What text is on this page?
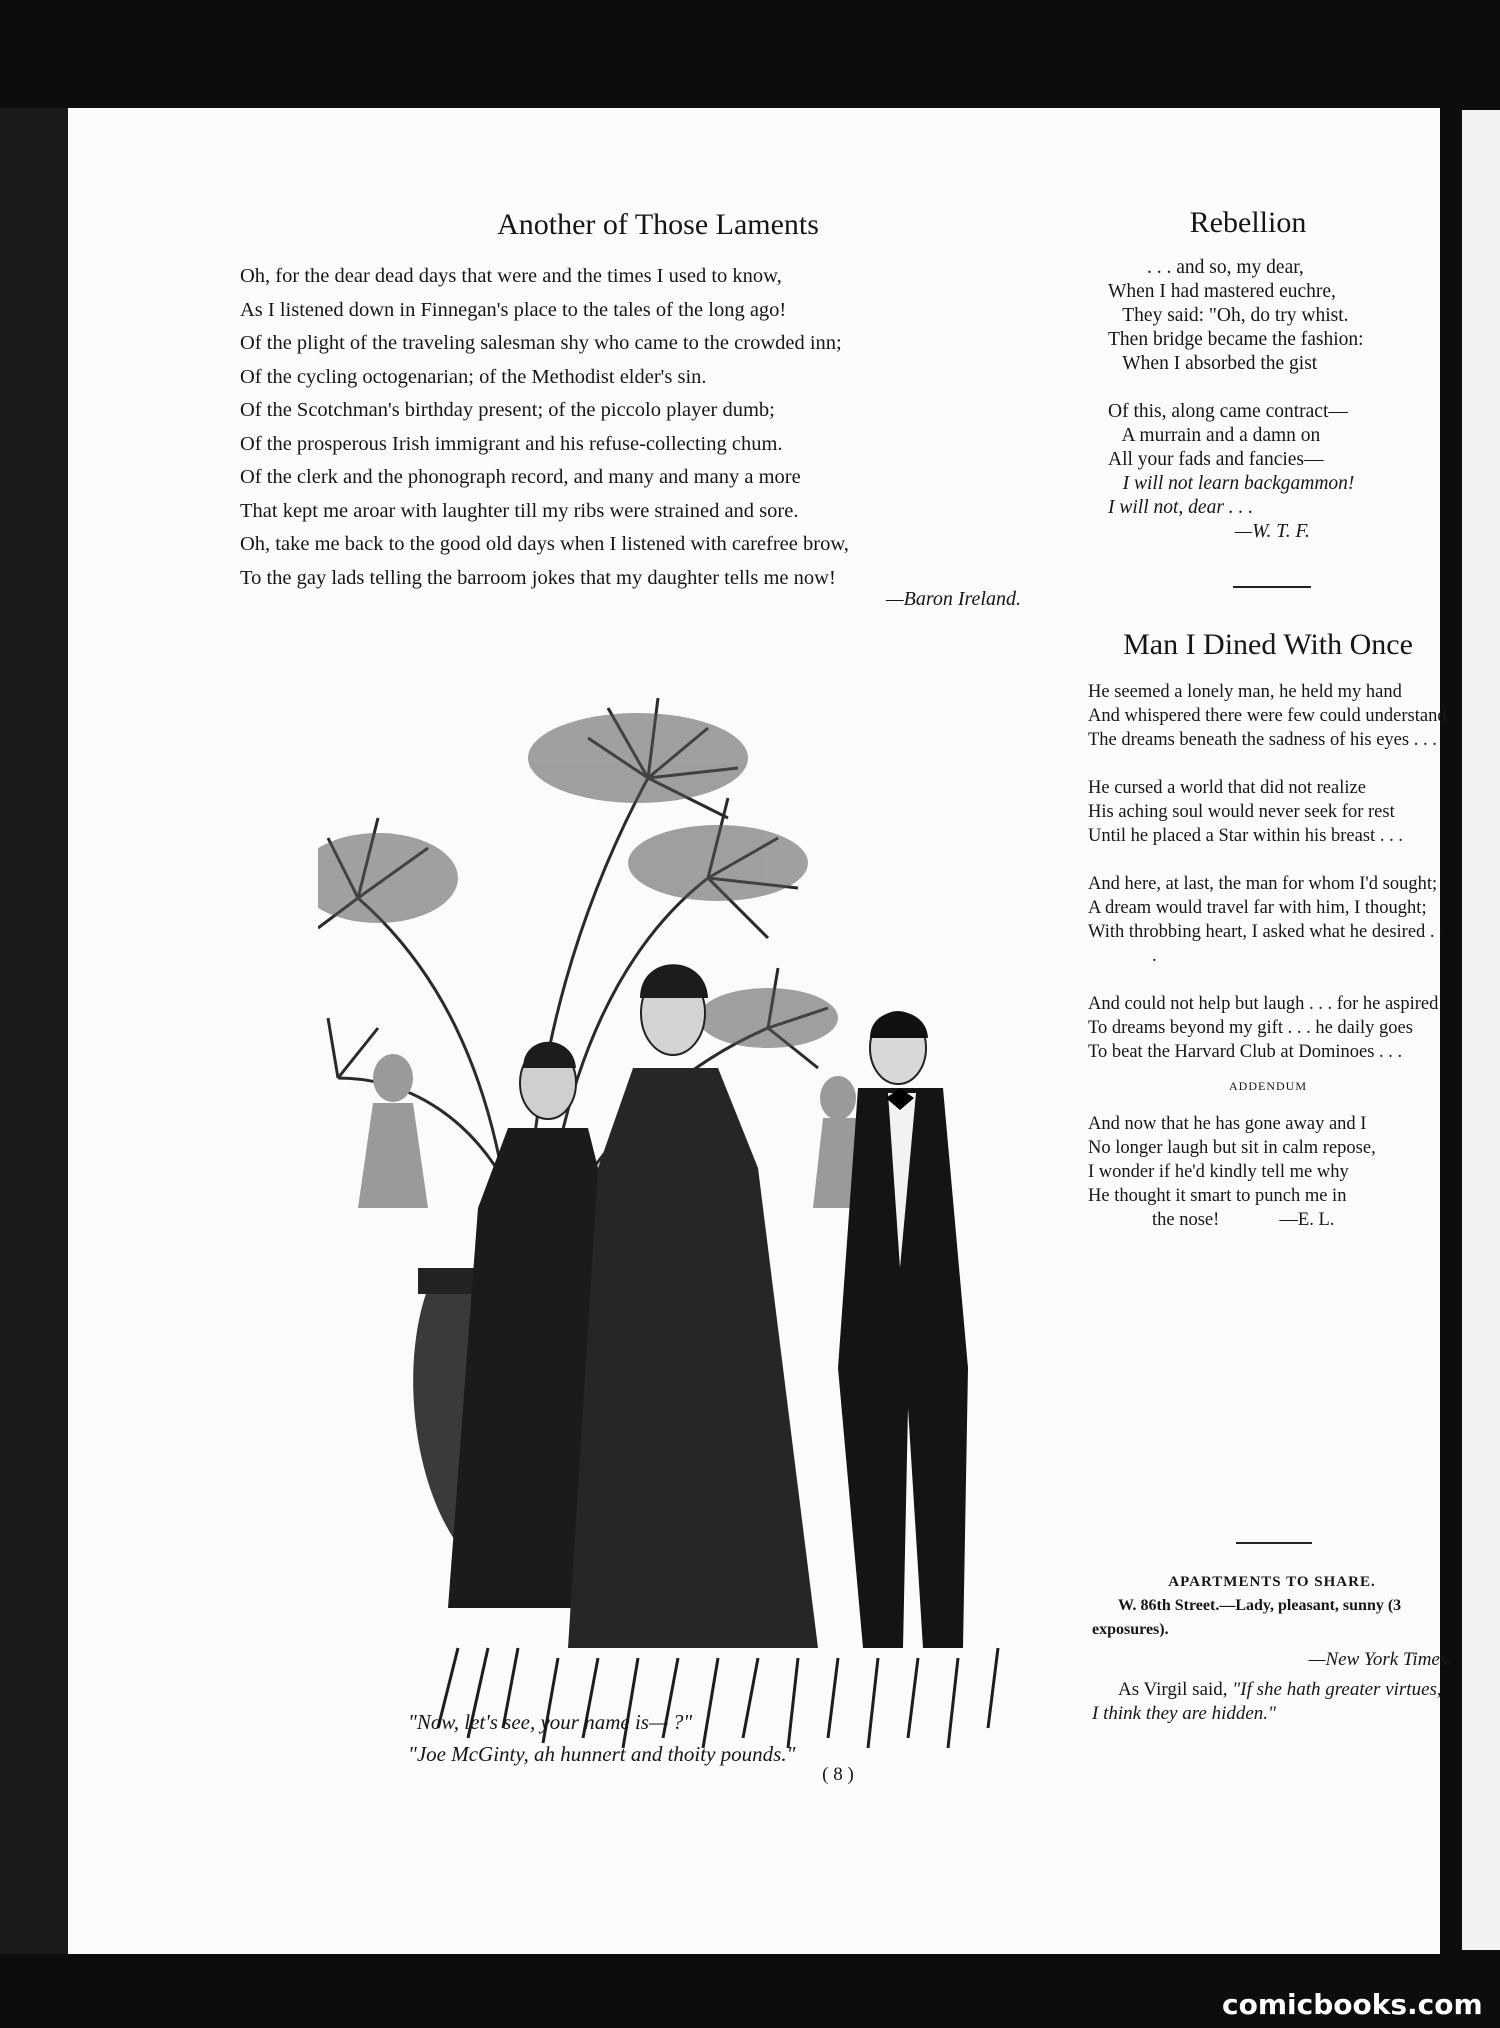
Another of Those Laments
Oh, for the dear dead days that were and the times I used to know,
As I listened down in Finnegan's place to the tales of the long ago!
Of the plight of the traveling salesman shy who came to the crowded inn;
Of the cycling octogenarian; of the Methodist elder's sin.
Of the Scotchman's birthday present; of the piccolo player dumb;
Of the prosperous Irish immigrant and his refuse-collecting chum.
Of the clerk and the phonograph record, and many and many a more
That kept me aroar with laughter till my ribs were strained and sore.
Oh, take me back to the good old days when I listened with carefree brow,
To the gay lads telling the barroom jokes that my daughter tells me now!
—Baron Ireland.
"Now, let's see, your name is— ?"
"Joe McGinty, ah hunnert and thoity pounds."
( 8 )
Rebellion
. . . and so, my dear,
When I had mastered euchre,
They said: "Oh, do try whist.
Then bridge became the fashion:
When I absorbed the gist

Of this, along came contract—
A murrain and a damn on
All your fads and fancies—
I will not learn backgammon!
I will not, dear . . .
—W. T. F.
Man I Dined With Once
He seemed a lonely man, he held my hand
And whispered there were few could understand
The dreams beneath the sadness of his eyes . . .
He cursed a world that did not realize
His aching soul would never seek for rest
Until he placed a Star within his breast . . .
And here, at last, the man for whom I'd sought;
A dream would travel far with him, I thought;
With throbbing heart, I asked what he desired . . .
And could not help but laugh . . . for he aspired
To dreams beyond my gift . . . he daily goes
To beat the Harvard Club at Dominoes . . .
ADDENDUM
And now that he has gone away and I
No longer laugh but sit in calm repose,
I wonder if he'd kindly tell me why
He thought it smart to punch me in
the nose!             —E. L.
APARTMENTS TO SHARE.
W. 86th Street.—Lady, pleasant, sunny (3 exposures).
—New York Times.
As Virgil said, "If she hath greater virtues, I think they are hidden."
comicbooks.com
